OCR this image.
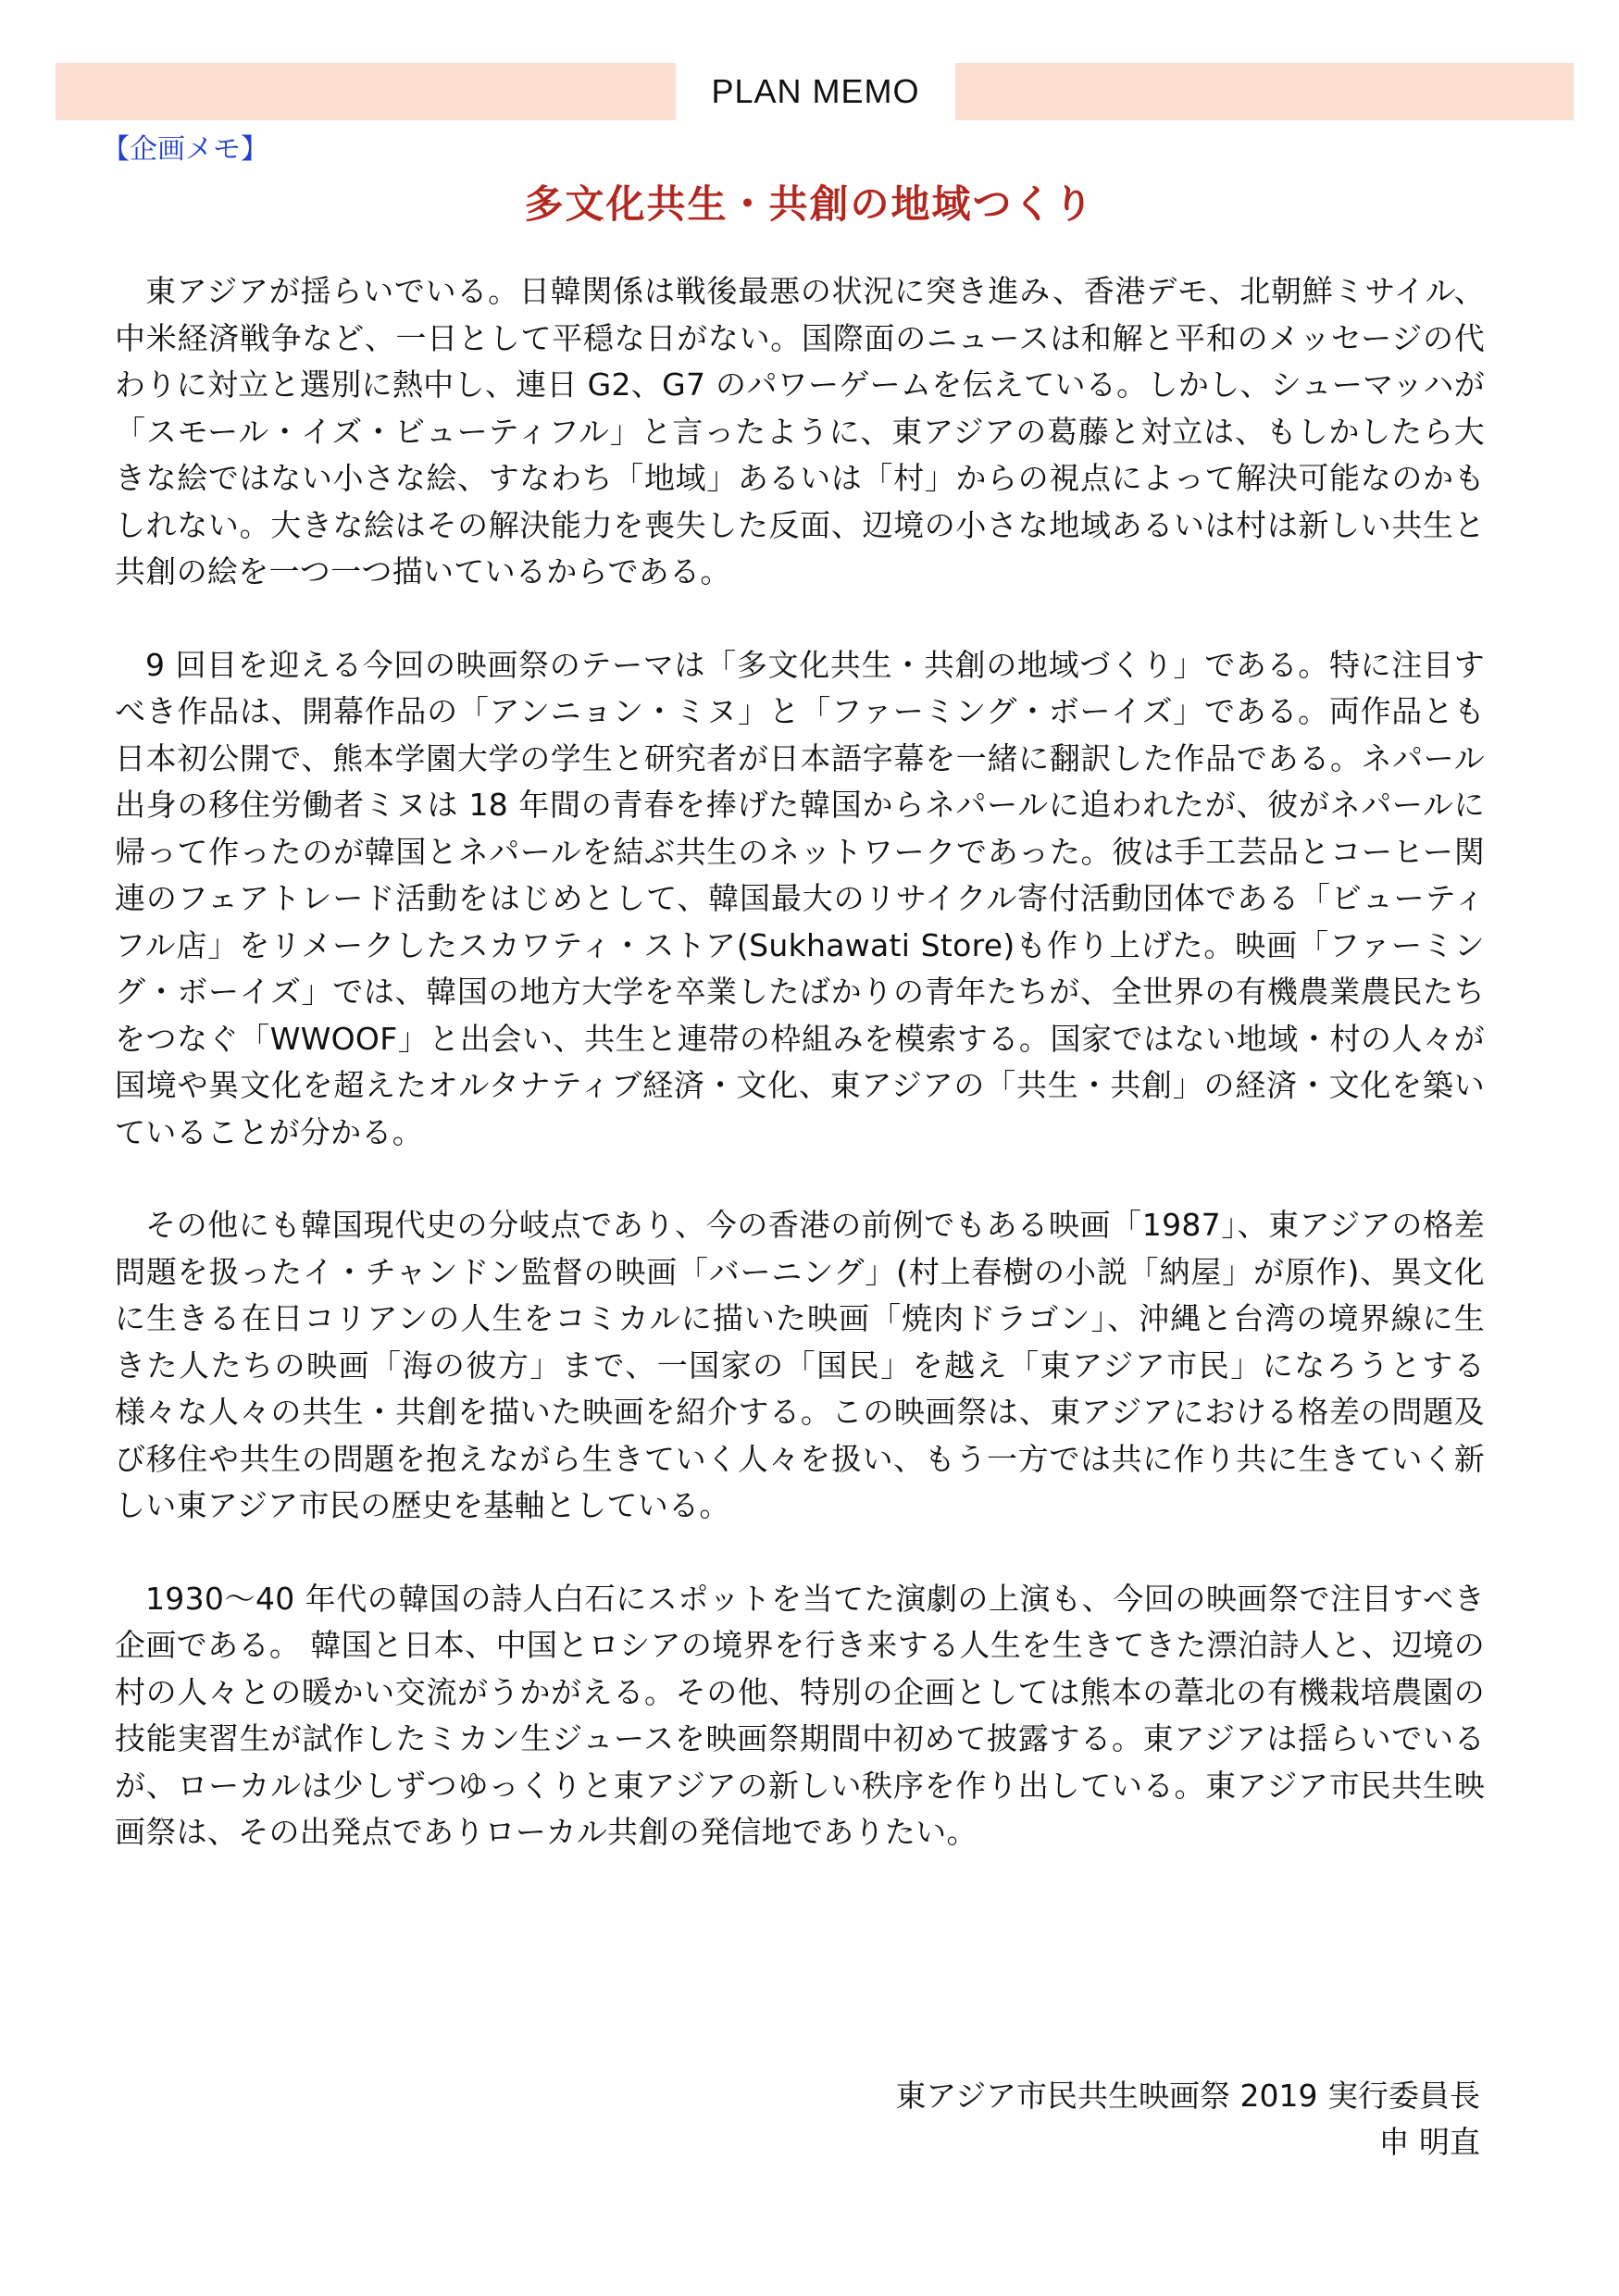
PLAN MEMO
【企画メモ】
多文化共生・共創の地域つくり

東アジアが揺らいでいる。日韓関係は戦後最悪の状況に突き進み、香港デモ、北朝鮮ミサイル、中米経済戦争など、一日として平穏な日がない。国際面のニュースは和解と平和のメッセージの代わりに対立と選別に熱中し、連日 G2、G7 のパワーゲームを伝えている。しかし、シューマッハが「スモール・イズ・ビューティフル」と言ったように、東アジアの葛藤と対立は、もしかしたら大きな絵ではない小さな絵、すなわち「地域」あるいは「村」からの視点によって解決可能なのかもしれない。大きな絵はその解決能力を喪失した反面、辺境の小さな地域あるいは村は新しい共生と共創の絵を一つ一つ描いているからである。

9 回目を迎える今回の映画祭のテーマは「多文化共生・共創の地域づくり」である。特に注目すべき作品は、開幕作品の「アンニョン・ミヌ」と「ファーミング・ボーイズ」である。両作品とも日本初公開で、熊本学園大学の学生と研究者が日本語字幕を一緒に翻訳した作品である。ネパール出身の移住労働者ミヌは 18 年間の青春を捧げた韓国からネパールに追われたが、彼がネパールに帰って作ったのが韓国とネパールを結ぶ共生のネットワークであった。彼は手工芸品とコーヒー関連のフェアトレード活動をはじめとして、韓国最大のリサイクル寄付活動団体である「ビューティフル店」をリメークしたスカワティ・ストア(Sukhawati Store)も作り上げた。映画「ファーミング・ボーイズ」では、韓国の地方大学を卒業したばかりの青年たちが、全世界の有機農業農民たちをつなぐ「WWOOF」と出会い、共生と連帯の枠組みを模索する。国家ではない地域・村の人々が国境や異文化を超えたオルタナティブ経済・文化、東アジアの「共生・共創」の経済・文化を築いていることが分かる。

その他にも韓国現代史の分岐点であり、今の香港の前例でもある映画「1987」、東アジアの格差問題を扱ったイ・チャンドン監督の映画「バーニング」(村上春樹の小説「納屋」が原作)、異文化に生きる在日コリアンの人生をコミカルに描いた映画「焼肉ドラゴン」、沖縄と台湾の境界線に生きた人たちの映画「海の彼方」まで、一国家の「国民」を越え「東アジア市民」になろうとする様々な人々の共生・共創を描いた映画を紹介する。この映画祭は、東アジアにおける格差の問題及び移住や共生の問題を抱えながら生きていく人々を扱い、もう一方では共に作り共に生きていく新しい東アジア市民の歴史を基軸としている。

1930～40 年代の韓国の詩人白石にスポットを当てた演劇の上演も、今回の映画祭で注目すべき企画である。 韓国と日本、中国とロシアの境界を行き来する人生を生きてきた漂泊詩人と、辺境の村の人々との暖かい交流がうかがえる。その他、特別の企画としては熊本の葦北の有機栽培農園の技能実習生が試作したミカン生ジュースを映画祭期間中初めて披露する。東アジアは揺らいでいるが、ローカルは少しずつゆっくりと東アジアの新しい秩序を作り出している。東アジア市民共生映画祭は、その出発点でありローカル共創の発信地でありたい。

東アジア市民共生映画祭 2019 実行委員長
申 明直
